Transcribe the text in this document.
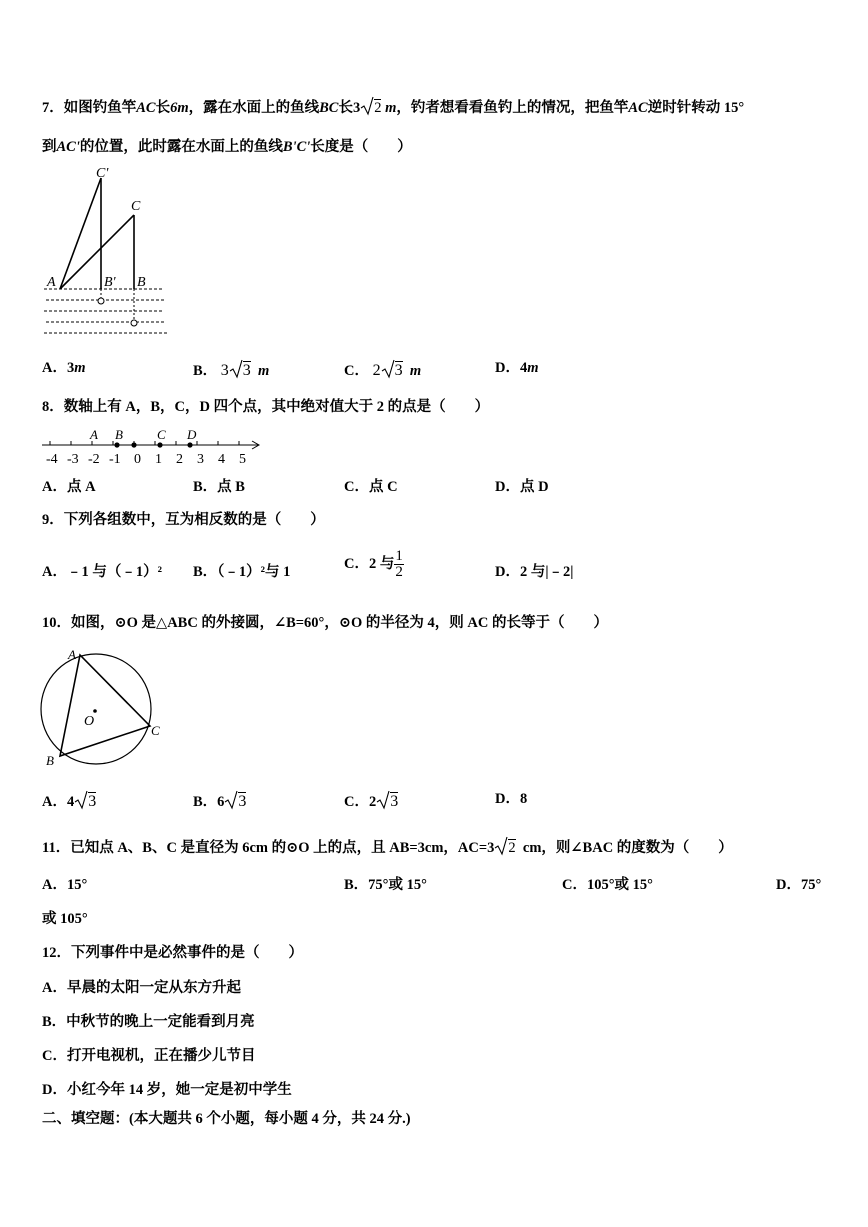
7．如图钓鱼竿AC长6m，露在水面上的鱼线BC长3 2 m，钓者想看看鱼钓上的情况，把鱼竿AC逆时针转动 15°
到AC'的位置，此时露在水面上的鱼线B'C'长度是（　　）
C'
C
A	B' B
A．3m	B． 3 3 m	C． 2 3 m	D．4m
8．数轴上有 A，B，C，D 四个点，其中绝对值大于 2 的点是（　　）
A B	C D
-4 -3 -2 -1 0 1 2 3 4 5
A．点 A	B．点 B	C．点 C	D．点 D
9．下列各组数中，互为相反数的是（　　）
A．﹣1 与（﹣1）² B．（﹣1）²与 1
C．2 与 $\frac{1}{2}$	D．2 与|﹣2|
10．如图，⊙O 是△ABC 的外接圆，∠B=60°，⊙O 的半径为 4，则 AC 的长等于（　　）
A
B
C
O
A．4 3	B．6 3	C．2 3	D．8
11．已知点 A、B、C 是直径为 6cm 的⊙O 上的点，且 AB=3cm，AC=3 2 cm，则∠BAC 的度数为（　　）
A．15°	B．75°或 15°	C．105°或 15°	D．75°
或 105°
12．下列事件中是必然事件的是（　　）
A．早晨的太阳一定从东方升起
B．中秋节的晚上一定能看到月亮
C．打开电视机，正在播少儿节目
D．小红今年 14 岁，她一定是初中学生
二、填空题：(本大题共 6 个小题，每小题 4 分，共 24 分.)
